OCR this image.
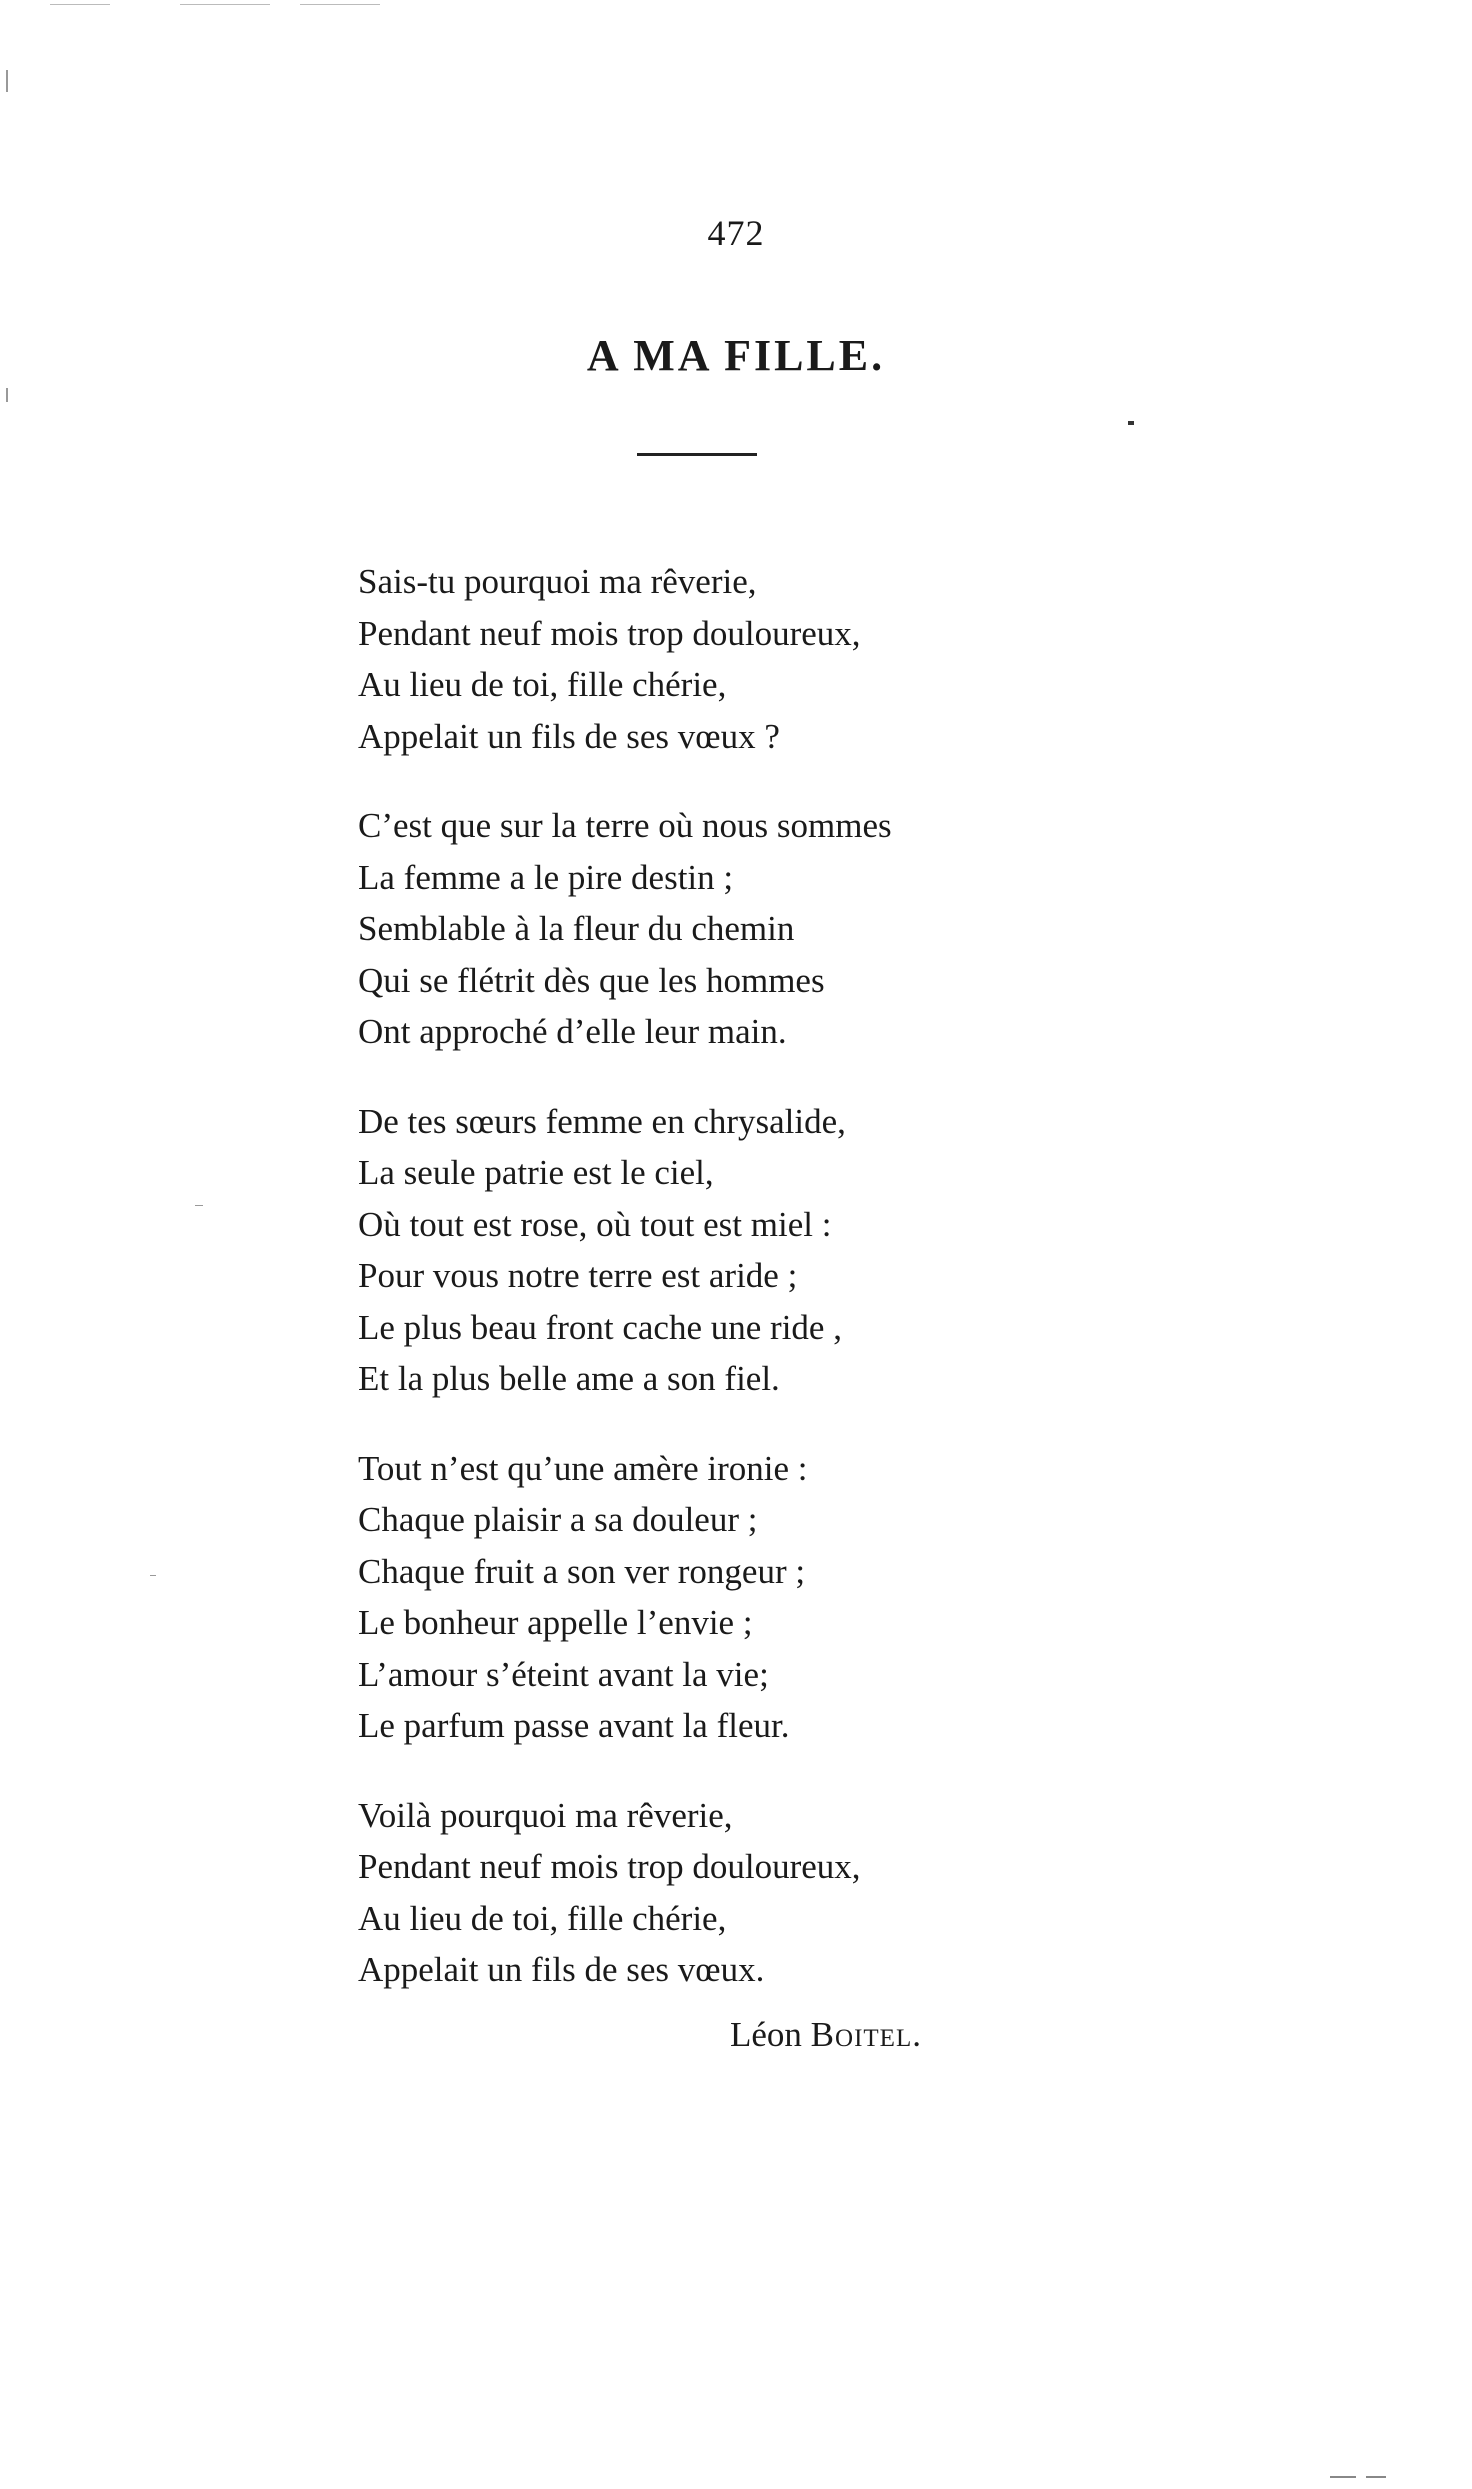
472
A MA FILLE.
Sais-tu pourquoi ma rêverie,
Pendant neuf mois trop douloureux,
Au lieu de toi, fille chérie,
Appelait un fils de ses vœux ?
C’est que sur la terre où nous sommes
La femme a le pire destin ;
Semblable à la fleur du chemin
Qui se flétrit dès que les hommes
Ont approché d’elle leur main.
De tes sœurs femme en chrysalide,
La seule patrie est le ciel,
Où tout est rose, où tout est miel :
Pour vous notre terre est aride ;
Le plus beau front cache une ride ,
Et la plus belle ame a son fiel.
Tout n’est qu’une amère ironie :
Chaque plaisir a sa douleur ;
Chaque fruit a son ver rongeur ;
Le bonheur appelle l’envie ;
L’amour s’éteint avant la vie;
Le parfum passe avant la fleur.
Voilà pourquoi ma rêverie,
Pendant neuf mois trop douloureux,
Au lieu de toi, fille chérie,
Appelait un fils de ses vœux.
Léon Boitel.
